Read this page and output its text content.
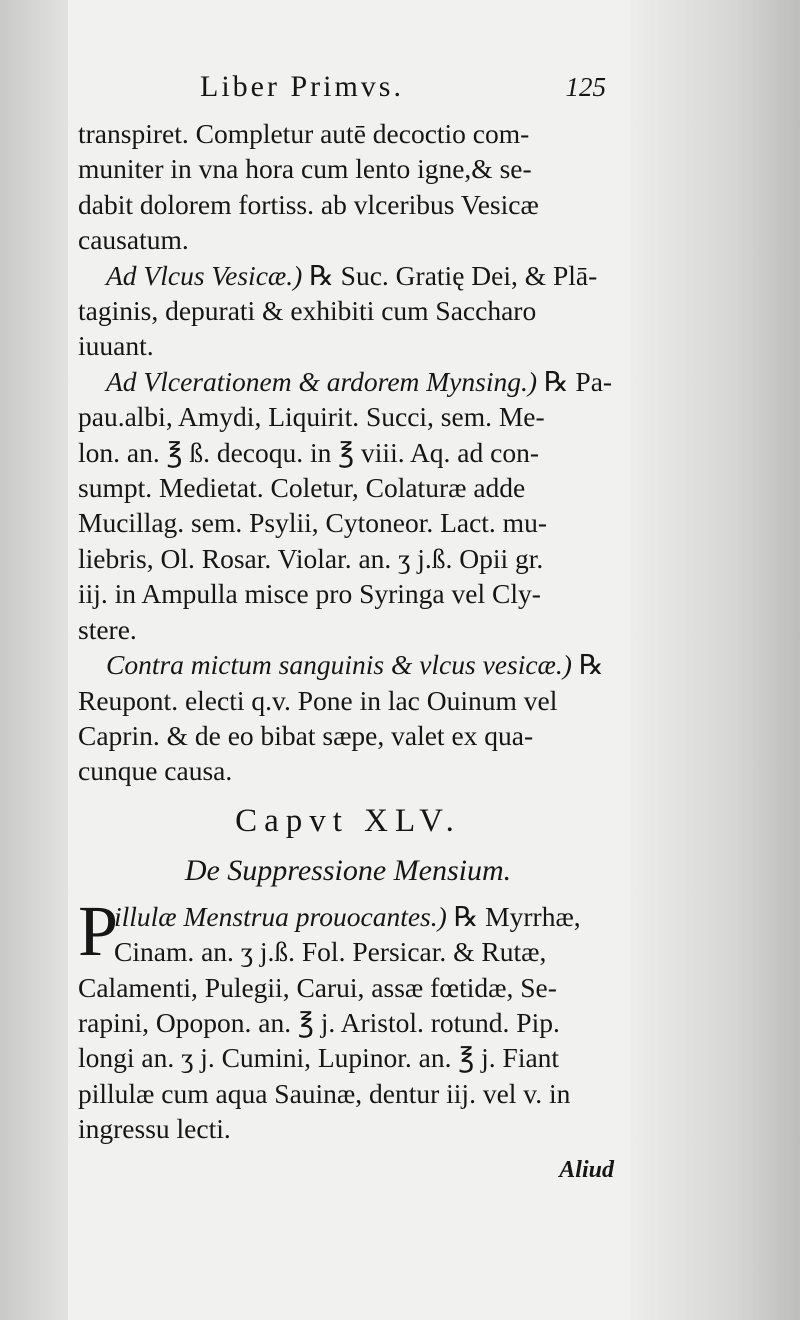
Liber Primvs.	125
transpiret. Completur autē decoctio com-
muniter in vna hora cum lento igne,& se-
dabit dolorem fortiss. ab vlceribus Vesicæ
causatum.
Ad Vlcus Vesicæ.) ℞ Suc. Gratię Dei, & Plā-
taginis, depurati & exhibiti cum Saccharo
iuuant.
Ad Vlcerationem & ardorem Mynsing.) ℞ Pa-
pau.albi, Amydi, Liquirit. Succi, sem. Me-
lon. an. ℥ ß. decoqu. in ℥ viii. Aq. ad con-
sumpt. Medietat. Coletur, Colaturæ adde
Mucillag. sem. Psylii, Cytoneor. Lact. mu-
liebris, Ol. Rosar. Violar. an. ʒ j.ß. Opii gr.
iij. in Ampulla misce pro Syringa vel Cly-
stere.
Contra mictum sanguinis & vlcus vesicæ.) ℞
Reupont. electi q.v. Pone in lac Ouinum vel
Caprin. & de eo bibat sæpe, valet ex qua-
cunque causa.
Capvt XLV.
De Suppressione Mensium.
P
illulæ Menstrua prouocantes.) ℞ Myrrhæ,
Cinam. an. ʒ j.ß. Fol. Persicar. & Rutæ,
Calamenti, Pulegii, Carui, assæ fœtidæ, Se-
rapini, Opopon. an. ℥ j. Aristol. rotund. Pip.
longi an. ʒ j. Cumini, Lupinor. an. ℥ j. Fiant
pillulæ cum aqua Sauinæ, dentur iij. vel v. in
ingressu lecti.
Aliud
